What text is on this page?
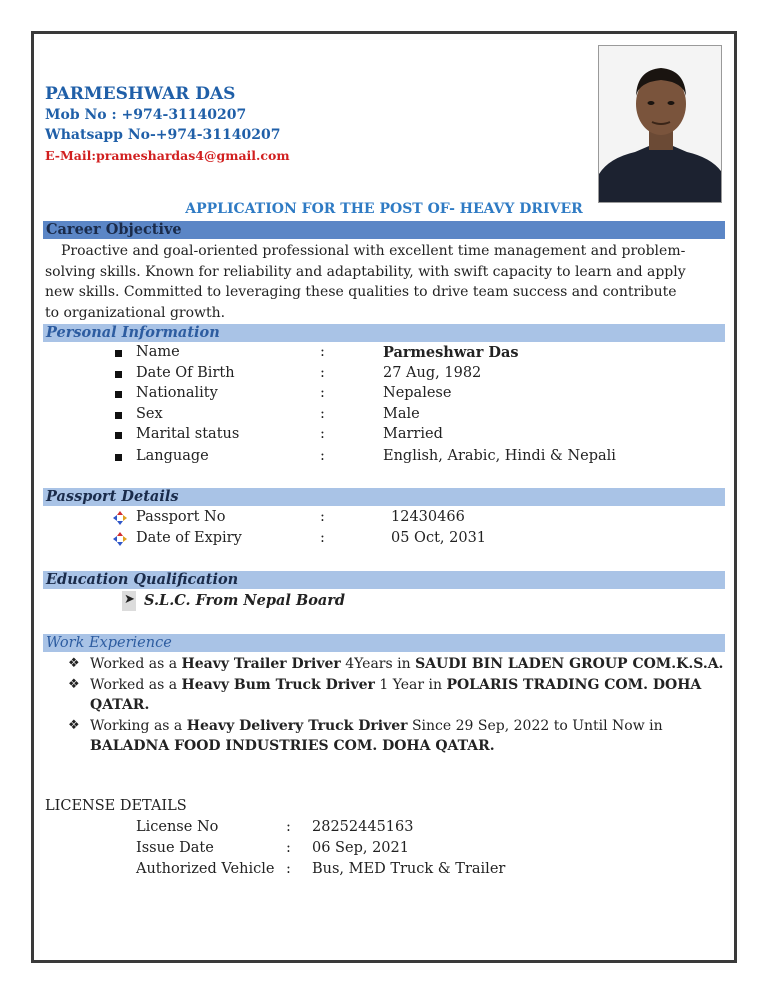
PARMESHWAR DAS
Mob No : +974-31140207
Whatsapp No-+974-31140207
E-Mail:prameshardas4@gmail.com
APPLICATION FOR THE POST OF- HEAVY DRIVER
Career Objective
Proactive and goal-oriented professional with excellent time management and problem-
solving skills. Known for reliability and adaptability, with swift capacity to learn and apply
new skills. Committed to leveraging these qualities to drive team success and contribute
to organizational growth.
Personal Information
Name	:	Parmeshwar Das
Date Of Birth	:	27 Aug, 1982
Nationality	:	Nepalese
Sex	:	Male
Marital status	:	Married
Language	:	English, Arabic, Hindi & Nepali
Passport Details
Passport No	:	12430466
Date of Expiry	:	05 Oct, 2031
Education Qualification
➤ S.L.C. From Nepal Board
Work Experience
❖ Worked as a Heavy Trailer Driver 4Years in SAUDI BIN LADEN GROUP COM.K.S.A.
❖ Worked as a Heavy Bum Truck Driver 1 Year in POLARIS TRADING COM. DOHA QATAR.
❖ Working as a Heavy Delivery Truck Driver Since 29 Sep, 2022 to Until Now in BALADNA FOOD INDUSTRIES COM. DOHA QATAR.
LICENSE DETAILS
License No	: 28252445163
Issue Date	: 06 Sep, 2021
Authorized Vehicle : Bus, MED Truck & Trailer
